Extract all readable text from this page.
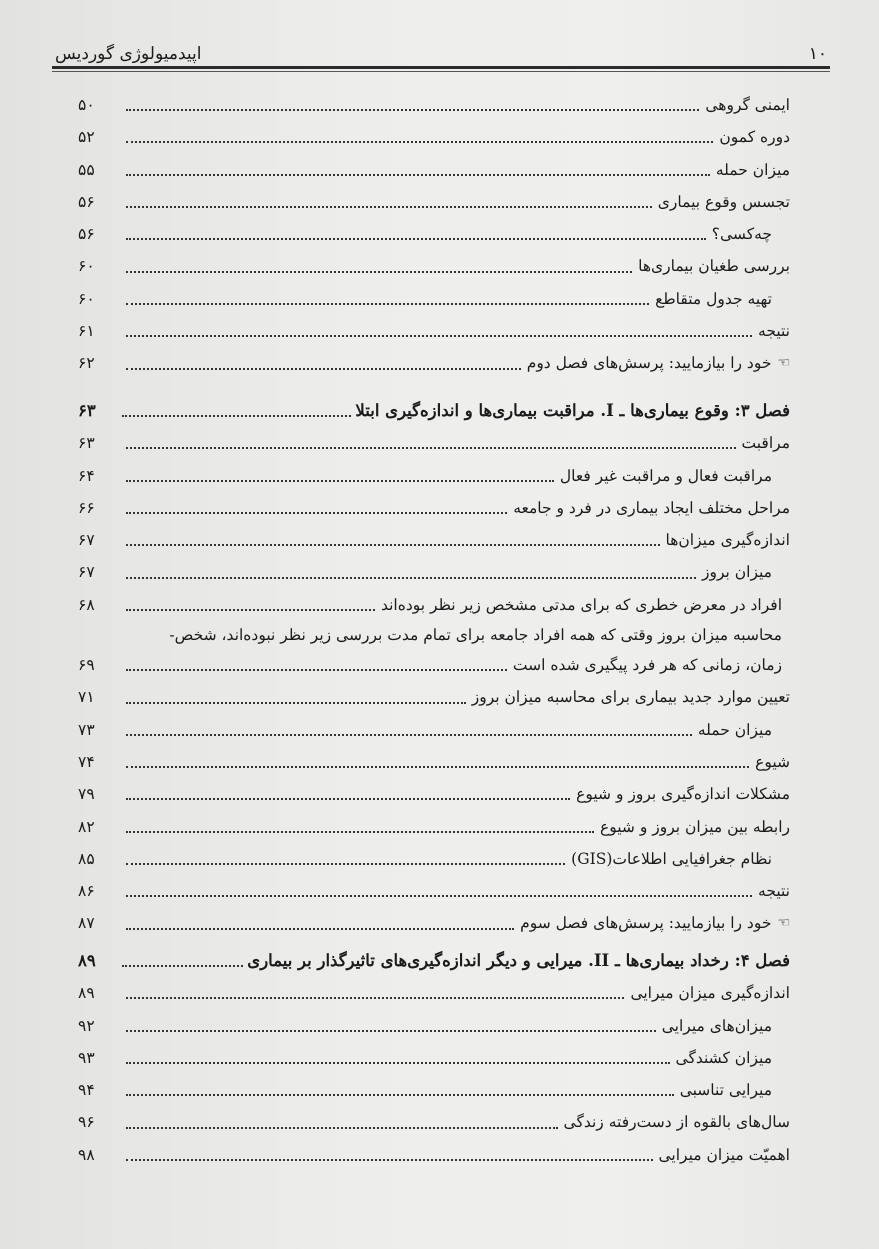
۱۰
اپیدمیولوژی گوردیس
ایمنی گروهی
۵۰
دوره کمون
۵۲
میزان حمله
۵۵
تجسس وقوع بیماری
۵۶
چه‌کسی؟
۵۶
بررسی طغیان بیماری‌ها
۶۰
تهیه جدول متقاطع
۶۰
نتیجه
۶۱
☜
خود را بیازمایید: پرسش‌های فصل دوم
۶۲
فصل ۳: وقوع بیماری‌ها ـ I. مراقبت بیماری‌ها و اندازه‌گیری ابتلا
۶۳
مراقبت
۶۳
مراقبت فعال و مراقبت غیر فعال
۶۴
مراحل مختلف ایجاد بیماری در فرد و جامعه
۶۶
اندازه‌گیری میزان‌ها
۶۷
میزان بروز
۶۷
افراد در معرض خطری که برای مدتی مشخص زیر نظر بوده‌اند
۶۸
محاسبه میزان بروز وقتی که همه افراد جامعه برای تمام مدت بررسی زیر نظر نبوده‌اند، شخص-
زمان، زمانی که هر فرد پیگیری شده است
۶۹
تعیین موارد جدید بیماری برای محاسبه میزان بروز
۷۱
میزان حمله
۷۳
شیوع
۷۴
مشکلات اندازه‌گیری بروز و شیوع
۷۹
رابطه بین میزان بروز و شیوع
۸۲
نظام جغرافیایی اطلاعات(GIS)
۸۵
نتیجه
۸۶
☜
خود را بیازمایید: پرسش‌های فصل سوم
۸۷
فصل ۴: رخداد بیماری‌ها ـ II. میرایی و دیگر اندازه‌گیری‌های تاثیرگذار بر بیماری
۸۹
اندازه‌گیری میزان میرایی
۸۹
میزان‌های میرایی
۹۲
میزان کشندگی
۹۳
میرایی تناسبی
۹۴
سال‌های بالقوه از دست‌رفته زندگی
۹۶
اهمیّت میزان میرایی
۹۸
